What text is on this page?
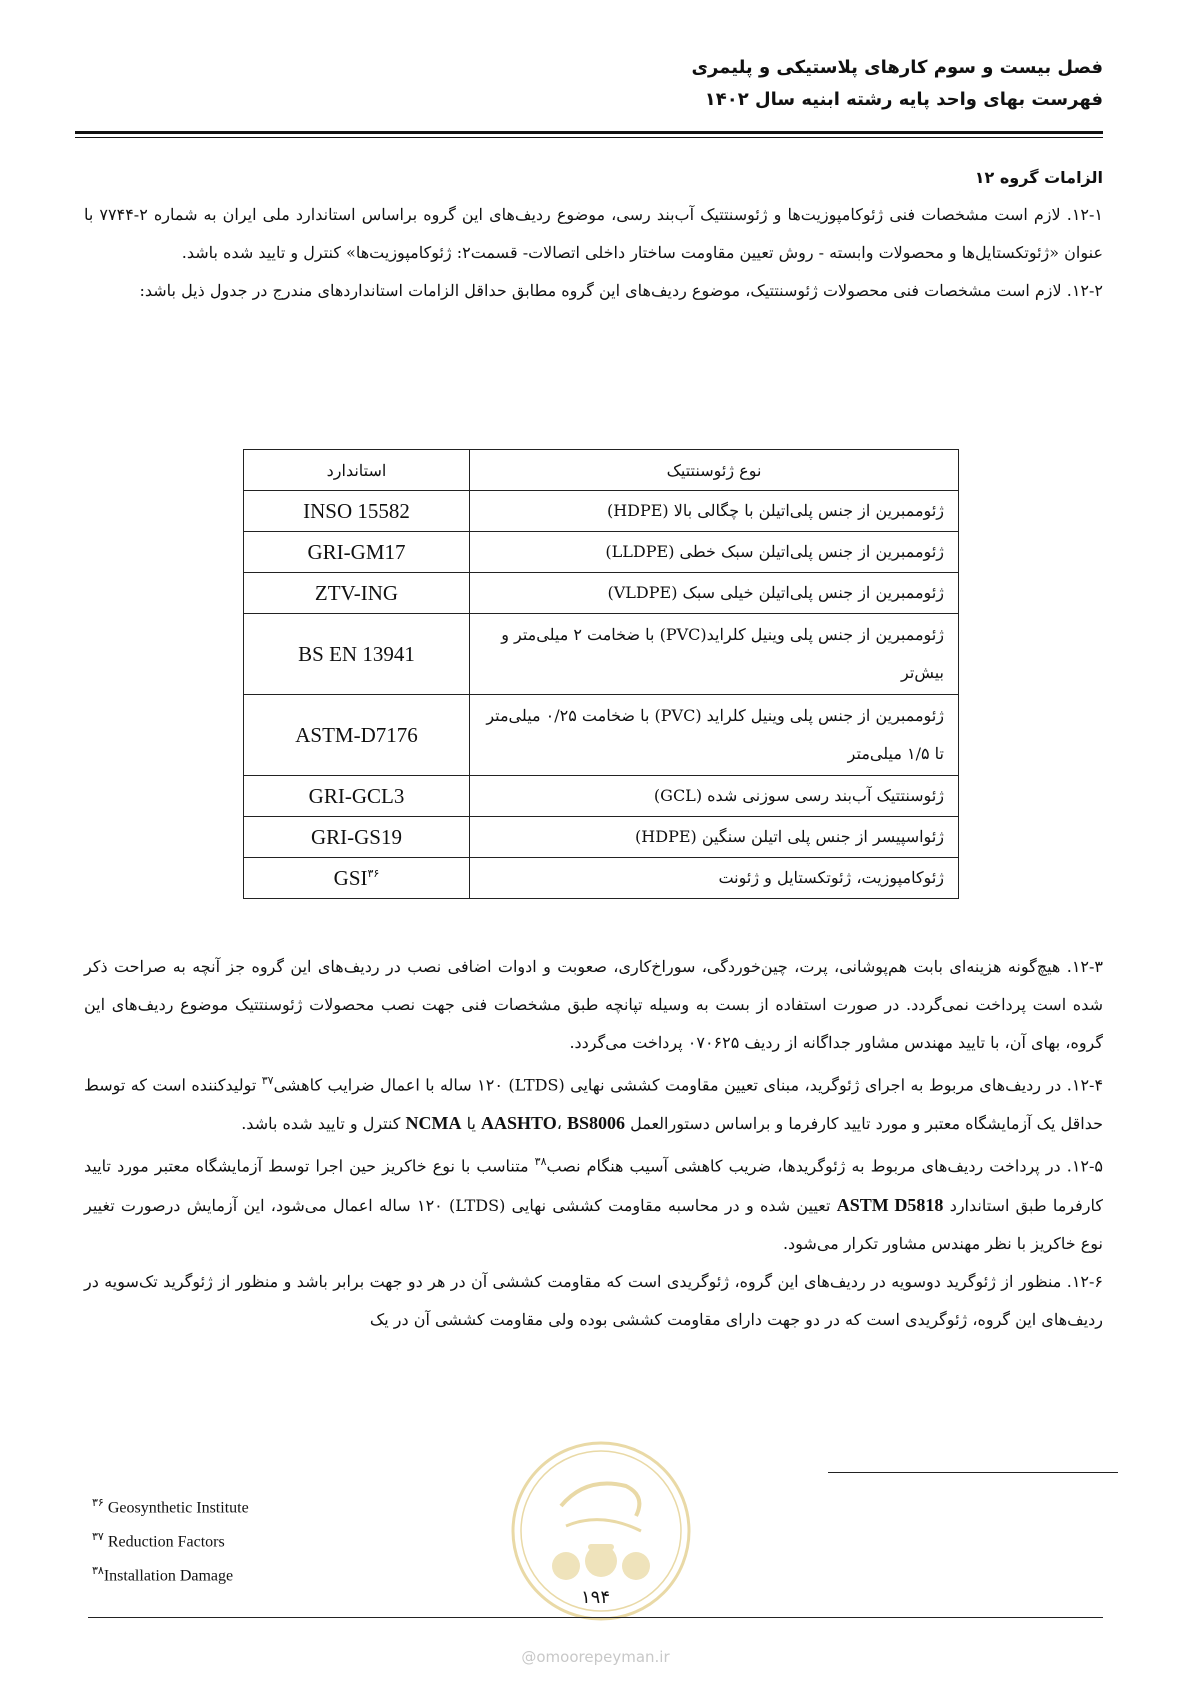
فصل بیست و سوم کارهای پلاستیکی و پلیمری
فهرست بهای واحد پایه رشته ابنیه سال ۱۴۰۲
الزامات گروه ۱۲

۱۲-۱. لازم است مشخصات فنی ژئوکامپوزیت‌ها و ژئوسنتتیک آب‌بند رسی، موضوع ردیف‌های این گروه براساس استاندارد ملی ایران به شماره ۲-۷۷۴۴ با عنوان «ژئوتکستایل‌ها و محصولات وابسته - روش تعیین مقاومت ساختار داخلی اتصالات- قسمت۲: ژئوکامپوزیت‌ها» کنترل و تایید شده باشد.

۱۲-۲. لازم است مشخصات فنی محصولات ژئوسنتتیک، موضوع ردیف‌های این گروه مطابق حداقل الزامات استانداردهای مندرج در جدول ذیل باشد:

نوع ژئوسنتتیک	استاندارد
ژئوممبرین از جنس پلی‌اتیلن با چگالی بالا (HDPE)	INSO 15582
ژئوممبرین از جنس پلی‌اتیلن سبک خطی (LLDPE)	GRI-GM17
ژئوممبرین از جنس پلی‌اتیلن خیلی سبک (VLDPE)	ZTV-ING
ژئوممبرین از جنس پلی وینیل کلراید(PVC) با ضخامت ۲ میلی‌متر و بیش‌تر	BS EN 13941
ژئوممبرین از جنس پلی وینیل کلراید (PVC) با ضخامت ۰/۲۵ میلی‌متر تا ۱/۵ میلی‌متر	ASTM-D7176
ژئوسنتتیک آب‌بند رسی سوزنی شده (GCL)	GRI-GCL3
ژئواسپیسر از جنس پلی اتیلن سنگین (HDPE)	GRI-GS19
ژئوکامپوزیت، ژئوتکستایل و ژئونت	GSI$^{۳۶}$

۱۲-۳. هیچ‌گونه هزینه‌ای بابت هم‌پوشانی، پرت، چین‌خوردگی، سوراخ‌کاری، صعوبت و ادوات اضافی نصب در ردیف‌های این گروه جز آنچه به صراحت ذکر شده است پرداخت نمی‌گردد. در صورت استفاده از بست به وسیله تپانچه طبق مشخصات فنی جهت نصب محصولات ژئوسنتتیک موضوع ردیف‌های این گروه، بهای آن، با تایید مهندس مشاور جداگانه از ردیف ۰۷۰۶۲۵ پرداخت می‌گردد.

۱۲-۴. در ردیف‌های مربوط به اجرای ژئوگرید، مبنای تعیین مقاومت کششی نهایی (LTDS) ۱۲۰ ساله با اعمال ضرایب کاهشی$^{۳۷}$ تولیدکننده است که توسط حداقل یک آزمایشگاه معتبر و مورد تایید کارفرما و براساس دستورالعمل AASHTO، BS8006 یا NCMA کنترل و تایید شده باشد.

۱۲-۵. در پرداخت ردیف‌های مربوط به ژئوگریدها، ضریب کاهشی آسیب هنگام نصب$^{۳۸}$ متناسب با نوع خاکریز حین اجرا توسط آزمایشگاه معتبر مورد تایید کارفرما طبق استاندارد ASTM D5818 تعیین شده و در محاسبه مقاومت کششی نهایی (LTDS) ۱۲۰ ساله اعمال می‌شود، این آزمایش درصورت تغییر نوع خاکریز با نظر مهندس مشاور تکرار می‌شود.

۱۲-۶. منظور از ژئوگرید دوسویه در ردیف‌های این گروه، ژئوگریدی است که مقاومت کششی آن در هر دو جهت برابر باشد و منظور از ژئوگرید تک‌سویه در ردیف‌های این گروه، ژئوگریدی است که در دو جهت دارای مقاومت کششی بوده ولی مقاومت کششی آن در یک

$^{۳۶}$ Geosynthetic Institute
$^{۳۷}$ Reduction Factors
$^{۳۸}$Installation Damage
۱۹۴
@omoorepeyman.ir
